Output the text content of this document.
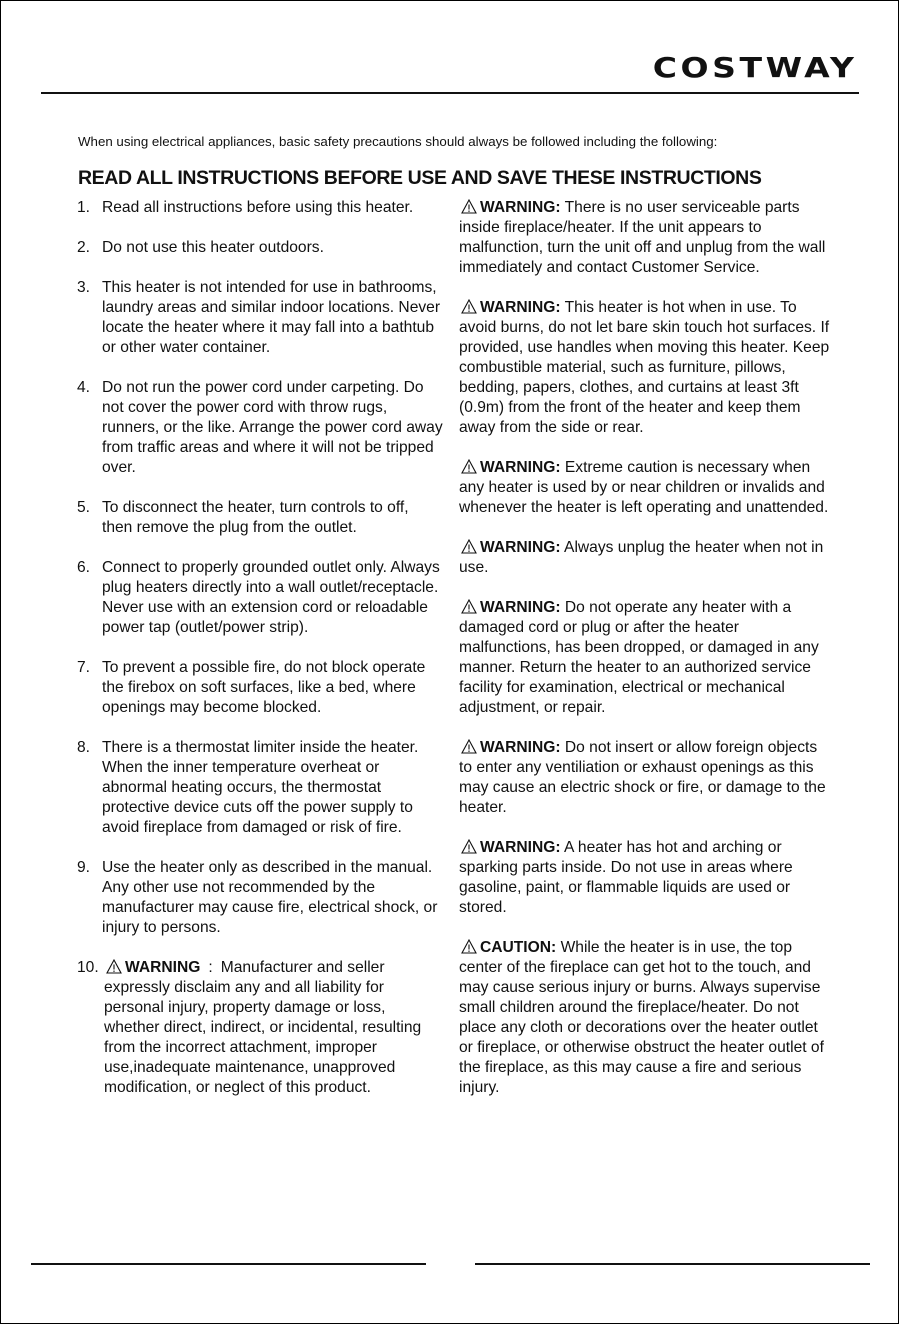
COSTWAY
When using electrical appliances, basic safety precautions should always be followed including the following:
READ ALL INSTRUCTIONS BEFORE USE AND SAVE THESE INSTRUCTIONS
1. Read all instructions before using this heater.
2. Do not use this heater outdoors.
3. This heater is not intended for use in bathrooms, laundry areas and similar indoor locations. Never locate the heater where it may fall into a bathtub or other water container.
4. Do not run the power cord under carpeting. Do not cover the power cord with throw rugs, runners, or the like. Arrange the power cord away from traffic areas and where it will not be tripped over.
5. To disconnect the heater, turn controls to off, then remove the plug from the outlet.
6. Connect to properly grounded outlet only. Always plug heaters directly into a wall outlet/receptacle. Never use with an extension cord or reloadable power tap (outlet/power strip).
7. To prevent a possible fire, do not block operate the firebox on soft surfaces, like a bed, where openings may become blocked.
8. There is a thermostat limiter inside the heater. When the inner temperature overheat or abnormal heating occurs, the thermostat protective device cuts off the power supply to avoid fireplace from damaged or risk of fire.
9. Use the heater only as described in the manual. Any other use not recommended by the manufacturer may cause fire, electrical shock, or injury to persons.
10.	WARNING : Manufacturer and seller expressly disclaim any and all liability for personal injury, property damage or loss, whether direct, indirect, or incidental, resulting from the incorrect attachment, improper use,inadequate maintenance, unapproved modification, or neglect of this product.
WARNING: There is no user serviceable parts inside fireplace/heater. If the unit appears to malfunction, turn the unit off and unplug from the wall immediately and contact Customer Service.
WARNING: This heater is hot when in use. To avoid burns, do not let bare skin touch hot surfaces. If provided, use handles when moving this heater. Keep combustible material, such as furniture, pillows, bedding, papers, clothes, and curtains at least 3ft (0.9m) from the front of the heater and keep them away from the side or rear.
WARNING: Extreme caution is necessary when any heater is used by or near children or invalids and whenever the heater is left operating and unattended.
WARNING: Always unplug the heater when not in use.
WARNING: Do not operate any heater with a damaged cord or plug or after the heater malfunctions, has been dropped, or damaged in any manner. Return the heater to an authorized service facility for examination, electrical or mechanical adjustment, or repair.
WARNING: Do not insert or allow foreign objects to enter any ventiliation or exhaust openings as this may cause an electric shock or fire, or damage to the heater.
WARNING: A heater has hot and arching or sparking parts inside. Do not use in areas where gasoline, paint, or flammable liquids are used or stored.
CAUTION: While the heater is in use, the top center of the fireplace can get hot to the touch, and may cause serious injury or burns. Always supervise small children around the fireplace/heater. Do not place any cloth or decorations over the heater outlet or fireplace, or otherwise obstruct the heater outlet of the fireplace, as this may cause a fire and serious injury.
